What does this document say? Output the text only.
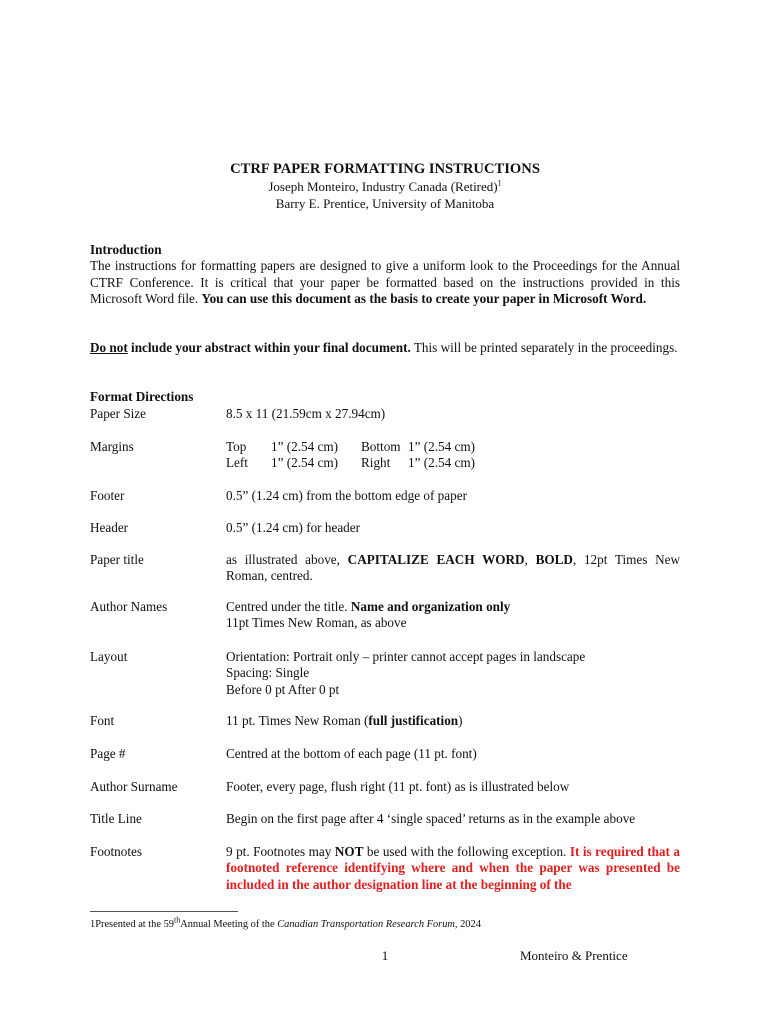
CTRF PAPER FORMATTING INSTRUCTIONS
Joseph Monteiro, Industry Canada (Retired)$^1$
Barry E. Prentice, University of Manitoba
Introduction
The instructions for formatting papers are designed to give a uniform look to the Proceedings for the Annual CTRF Conference. It is critical that your paper be formatted based on the instructions provided in this Microsoft Word file. You can use this document as the basis to create your paper in Microsoft Word.
Do not include your abstract within your final document. This will be printed separately in the proceedings.
Format Directions
Paper Size	8.5 x 11 (21.59cm x 27.94cm)
Margins	Top	1” (2.54 cm)	Bottom 1” (2.54 cm)
Left	1” (2.54 cm)	Right	1” (2.54 cm)
Footer	0.5” (1.24 cm) from the bottom edge of paper
Header	0.5” (1.24 cm) for header
Paper title	as illustrated above, CAPITALIZE EACH WORD, BOLD, 12pt Times New Roman, centred.
Author Names	Centred under the title. Name and organization only
11pt Times New Roman, as above
Layout	Orientation: Portrait only – printer cannot accept pages in landscape
Spacing: Single
Before 0 pt After 0 pt
Font	11 pt. Times New Roman (full justification)
Page #	Centred at the bottom of each page (11 pt. font)
Author Surname	Footer, every page, flush right (11 pt. font) as is illustrated below
Title Line	Begin on the first page after 4 ‘single spaced’ returns as in the example above
Footnotes	9 pt. Footnotes may NOT be used with the following exception. It is required that a footnoted reference identifying where and when the paper was presented be included in the author designation line at the beginning of the
1Presented at the 59thAnnual Meeting of the Canadian Transportation Research Forum, 2024
1	Monteiro & Prentice
